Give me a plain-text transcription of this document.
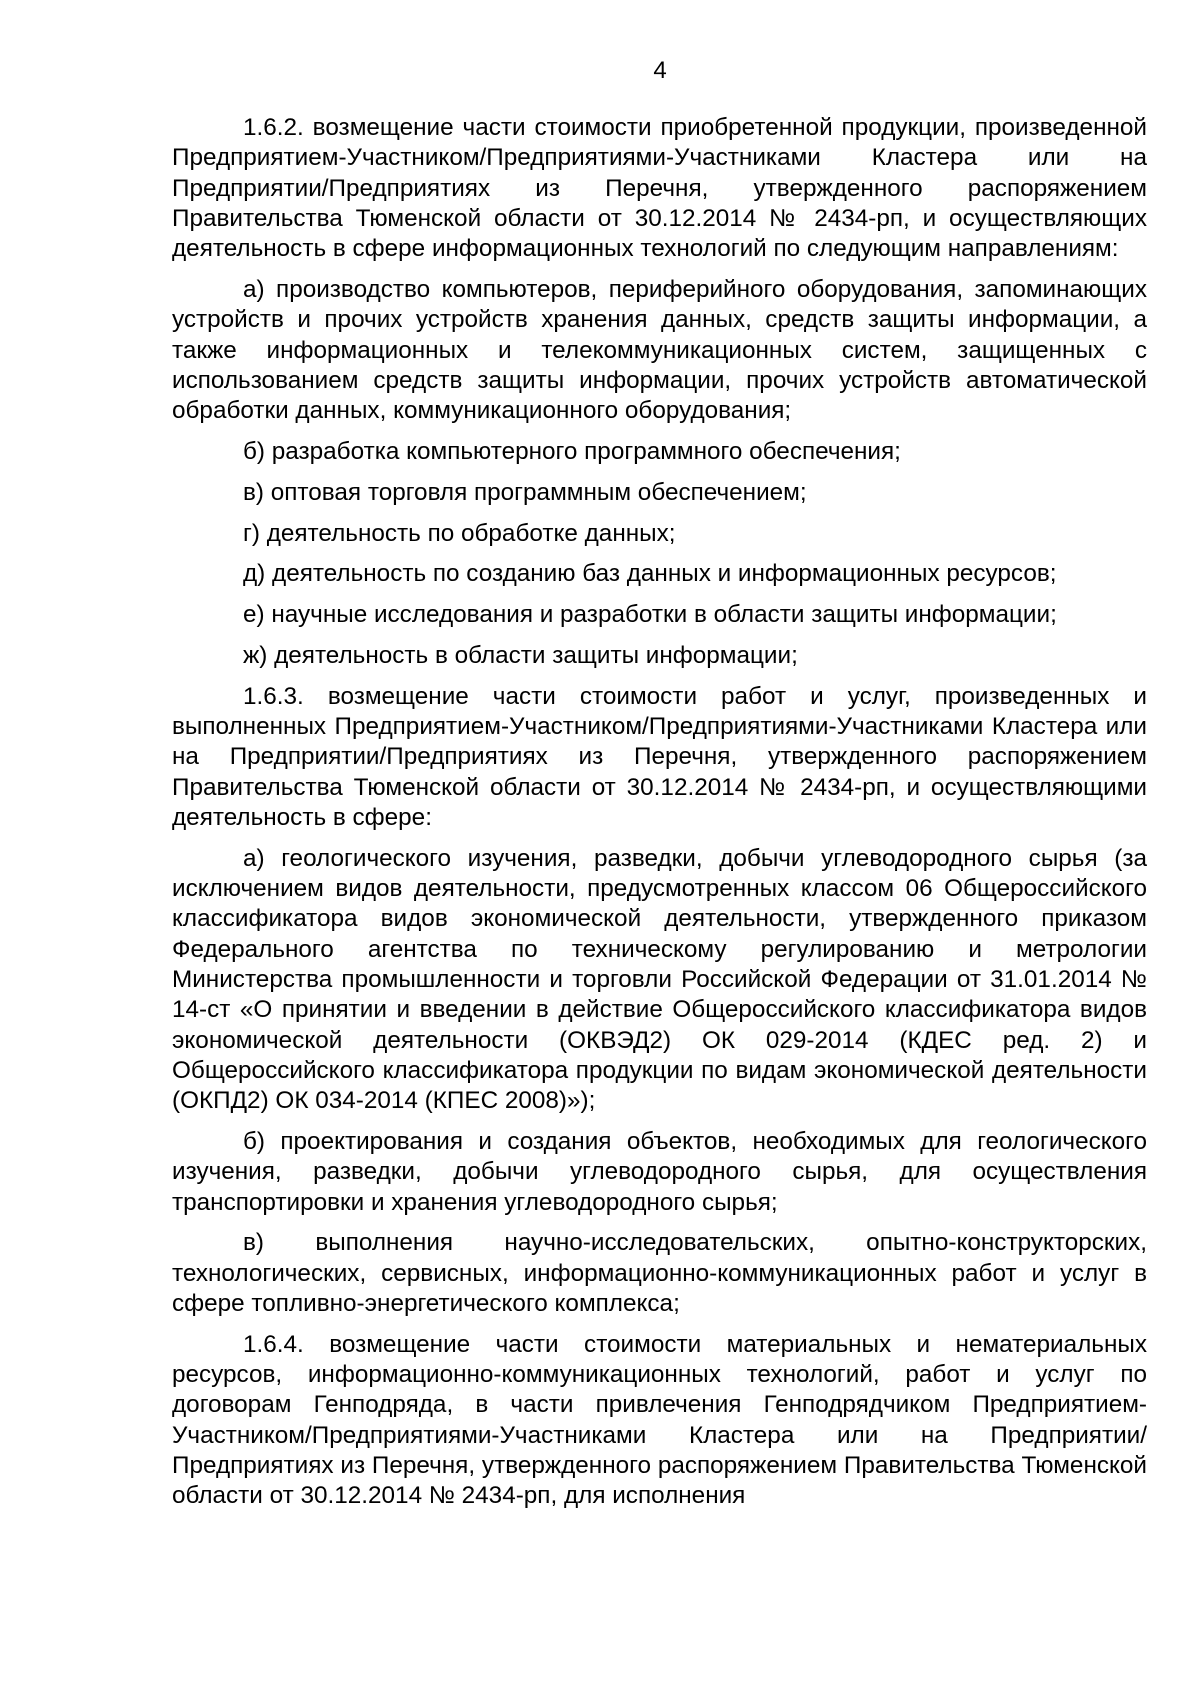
4

1.6.2. возмещение части стоимости приобретенной продукции, произведенной Предприятием-Участником/Предприятиями-Участниками Кластера или на Предприятии/Предприятиях из Перечня, утвержденного распоряжением Правительства Тюменской области от 30.12.2014 № 2434-рп, и осуществляющих деятельность в сфере информационных технологий по следующим направлениям:

а) производство компьютеров, периферийного оборудования, запоминающих устройств и прочих устройств хранения данных, средств защиты информации, а также информационных и телекоммуникационных систем, защищенных с использованием средств защиты информации, прочих устройств автоматической обработки данных, коммуникационного оборудования;

б) разработка компьютерного программного обеспечения;

в) оптовая торговля программным обеспечением;

г) деятельность по обработке данных;

д) деятельность по созданию баз данных и информационных ресурсов;

е) научные исследования и разработки в области защиты информации;

ж) деятельность в области защиты информации;

1.6.3. возмещение части стоимости работ и услуг, произведенных и выполненных Предприятием-Участником/Предприятиями-Участниками Кластера или на Предприятии/Предприятиях из Перечня, утвержденного распоряжением Правительства Тюменской области от 30.12.2014 № 2434-рп, и осуществляющими деятельность в сфере:

а) геологического изучения, разведки, добычи углеводородного сырья (за исключением видов деятельности, предусмотренных классом 06 Общероссийского классификатора видов экономической деятельности, утвержденного приказом Федерального агентства по техническому регулированию и метрологии Министерства промышленности и торговли Российской Федерации от 31.01.2014 № 14-ст «О принятии и введении в действие Общероссийского классификатора видов экономической деятельности (ОКВЭД2) ОК 029-2014 (КДЕС ред. 2) и Общероссийского классификатора продукции по видам экономической деятельности (ОКПД2) ОК 034-2014 (КПЕС 2008)»);

б) проектирования и создания объектов, необходимых для геологического изучения, разведки, добычи углеводородного сырья, для осуществления транспортировки и хранения углеводородного сырья;

в) выполнения научно-исследовательских, опытно-конструкторских, технологических, сервисных, информационно-коммуникационных работ и услуг в сфере топливно-энергетического комплекса;

1.6.4. возмещение части стоимости материальных и нематериальных ресурсов, информационно-коммуникационных технологий, работ и услуг по договорам Генподряда, в части привлечения Генподрядчиком Предприятием-Участником/Предприятиями-Участниками Кластера или на Предприятии/Предприятиях из Перечня, утвержденного распоряжением Правительства Тюменской области от 30.12.2014 № 2434-рп, для исполнения
